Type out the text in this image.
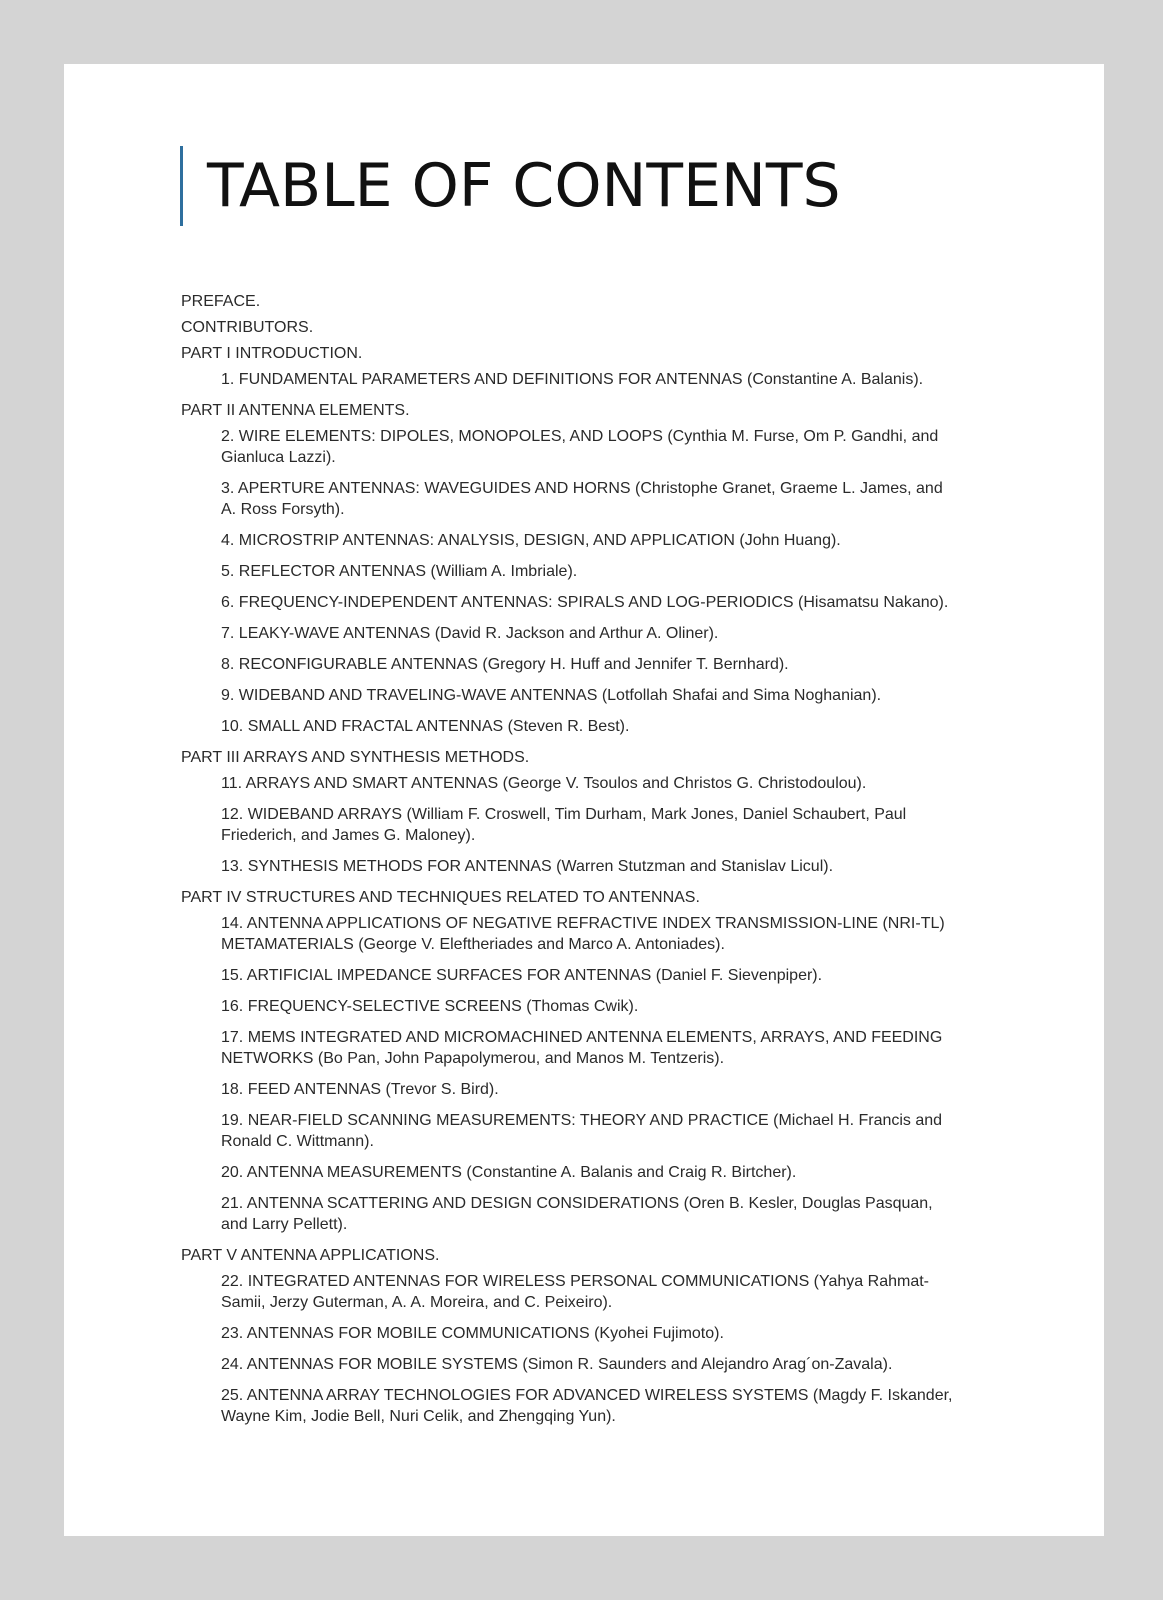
TABLE OF CONTENTS
PREFACE.
CONTRIBUTORS.
PART I INTRODUCTION.
1. FUNDAMENTAL PARAMETERS AND DEFINITIONS FOR ANTENNAS (Constantine A. Balanis).
PART II ANTENNA ELEMENTS.
2. WIRE ELEMENTS: DIPOLES, MONOPOLES, AND LOOPS (Cynthia M. Furse, Om P. Gandhi, and Gianluca Lazzi).
3. APERTURE ANTENNAS: WAVEGUIDES AND HORNS (Christophe Granet, Graeme L. James, and A. Ross Forsyth).
4. MICROSTRIP ANTENNAS: ANALYSIS, DESIGN, AND APPLICATION (John Huang).
5. REFLECTOR ANTENNAS (William A. Imbriale).
6. FREQUENCY-INDEPENDENT ANTENNAS: SPIRALS AND LOG-PERIODICS (Hisamatsu Nakano).
7. LEAKY-WAVE ANTENNAS (David R. Jackson and Arthur A. Oliner).
8. RECONFIGURABLE ANTENNAS (Gregory H. Huff and Jennifer T. Bernhard).
9. WIDEBAND AND TRAVELING-WAVE ANTENNAS (Lotfollah Shafai and Sima Noghanian).
10. SMALL AND FRACTAL ANTENNAS (Steven R. Best).
PART III ARRAYS AND SYNTHESIS METHODS.
11. ARRAYS AND SMART ANTENNAS (George V. Tsoulos and Christos G. Christodoulou).
12. WIDEBAND ARRAYS (William F. Croswell, Tim Durham, Mark Jones, Daniel Schaubert, Paul Friederich, and James G. Maloney).
13. SYNTHESIS METHODS FOR ANTENNAS (Warren Stutzman and Stanislav Licul).
PART IV STRUCTURES AND TECHNIQUES RELATED TO ANTENNAS.
14. ANTENNA APPLICATIONS OF NEGATIVE REFRACTIVE INDEX TRANSMISSION-LINE (NRI-TL) METAMATERIALS (George V. Eleftheriades and Marco A. Antoniades).
15. ARTIFICIAL IMPEDANCE SURFACES FOR ANTENNAS (Daniel F. Sievenpiper).
16. FREQUENCY-SELECTIVE SCREENS (Thomas Cwik).
17. MEMS INTEGRATED AND MICROMACHINED ANTENNA ELEMENTS, ARRAYS, AND FEEDING NETWORKS (Bo Pan, John Papapolymerou, and Manos M. Tentzeris).
18. FEED ANTENNAS (Trevor S. Bird).
19. NEAR-FIELD SCANNING MEASUREMENTS: THEORY AND PRACTICE (Michael H. Francis and Ronald C. Wittmann).
20. ANTENNA MEASUREMENTS (Constantine A. Balanis and Craig R. Birtcher).
21. ANTENNA SCATTERING AND DESIGN CONSIDERATIONS (Oren B. Kesler, Douglas Pasquan, and Larry Pellett).
PART V ANTENNA APPLICATIONS.
22. INTEGRATED ANTENNAS FOR WIRELESS PERSONAL COMMUNICATIONS (Yahya Rahmat-Samii, Jerzy Guterman, A. A. Moreira, and C. Peixeiro).
23. ANTENNAS FOR MOBILE COMMUNICATIONS (Kyohei Fujimoto).
24. ANTENNAS FOR MOBILE SYSTEMS (Simon R. Saunders and Alejandro Arag´on-Zavala).
25. ANTENNA ARRAY TECHNOLOGIES FOR ADVANCED WIRELESS SYSTEMS (Magdy F. Iskander, Wayne Kim, Jodie Bell, Nuri Celik, and Zhengqing Yun).
